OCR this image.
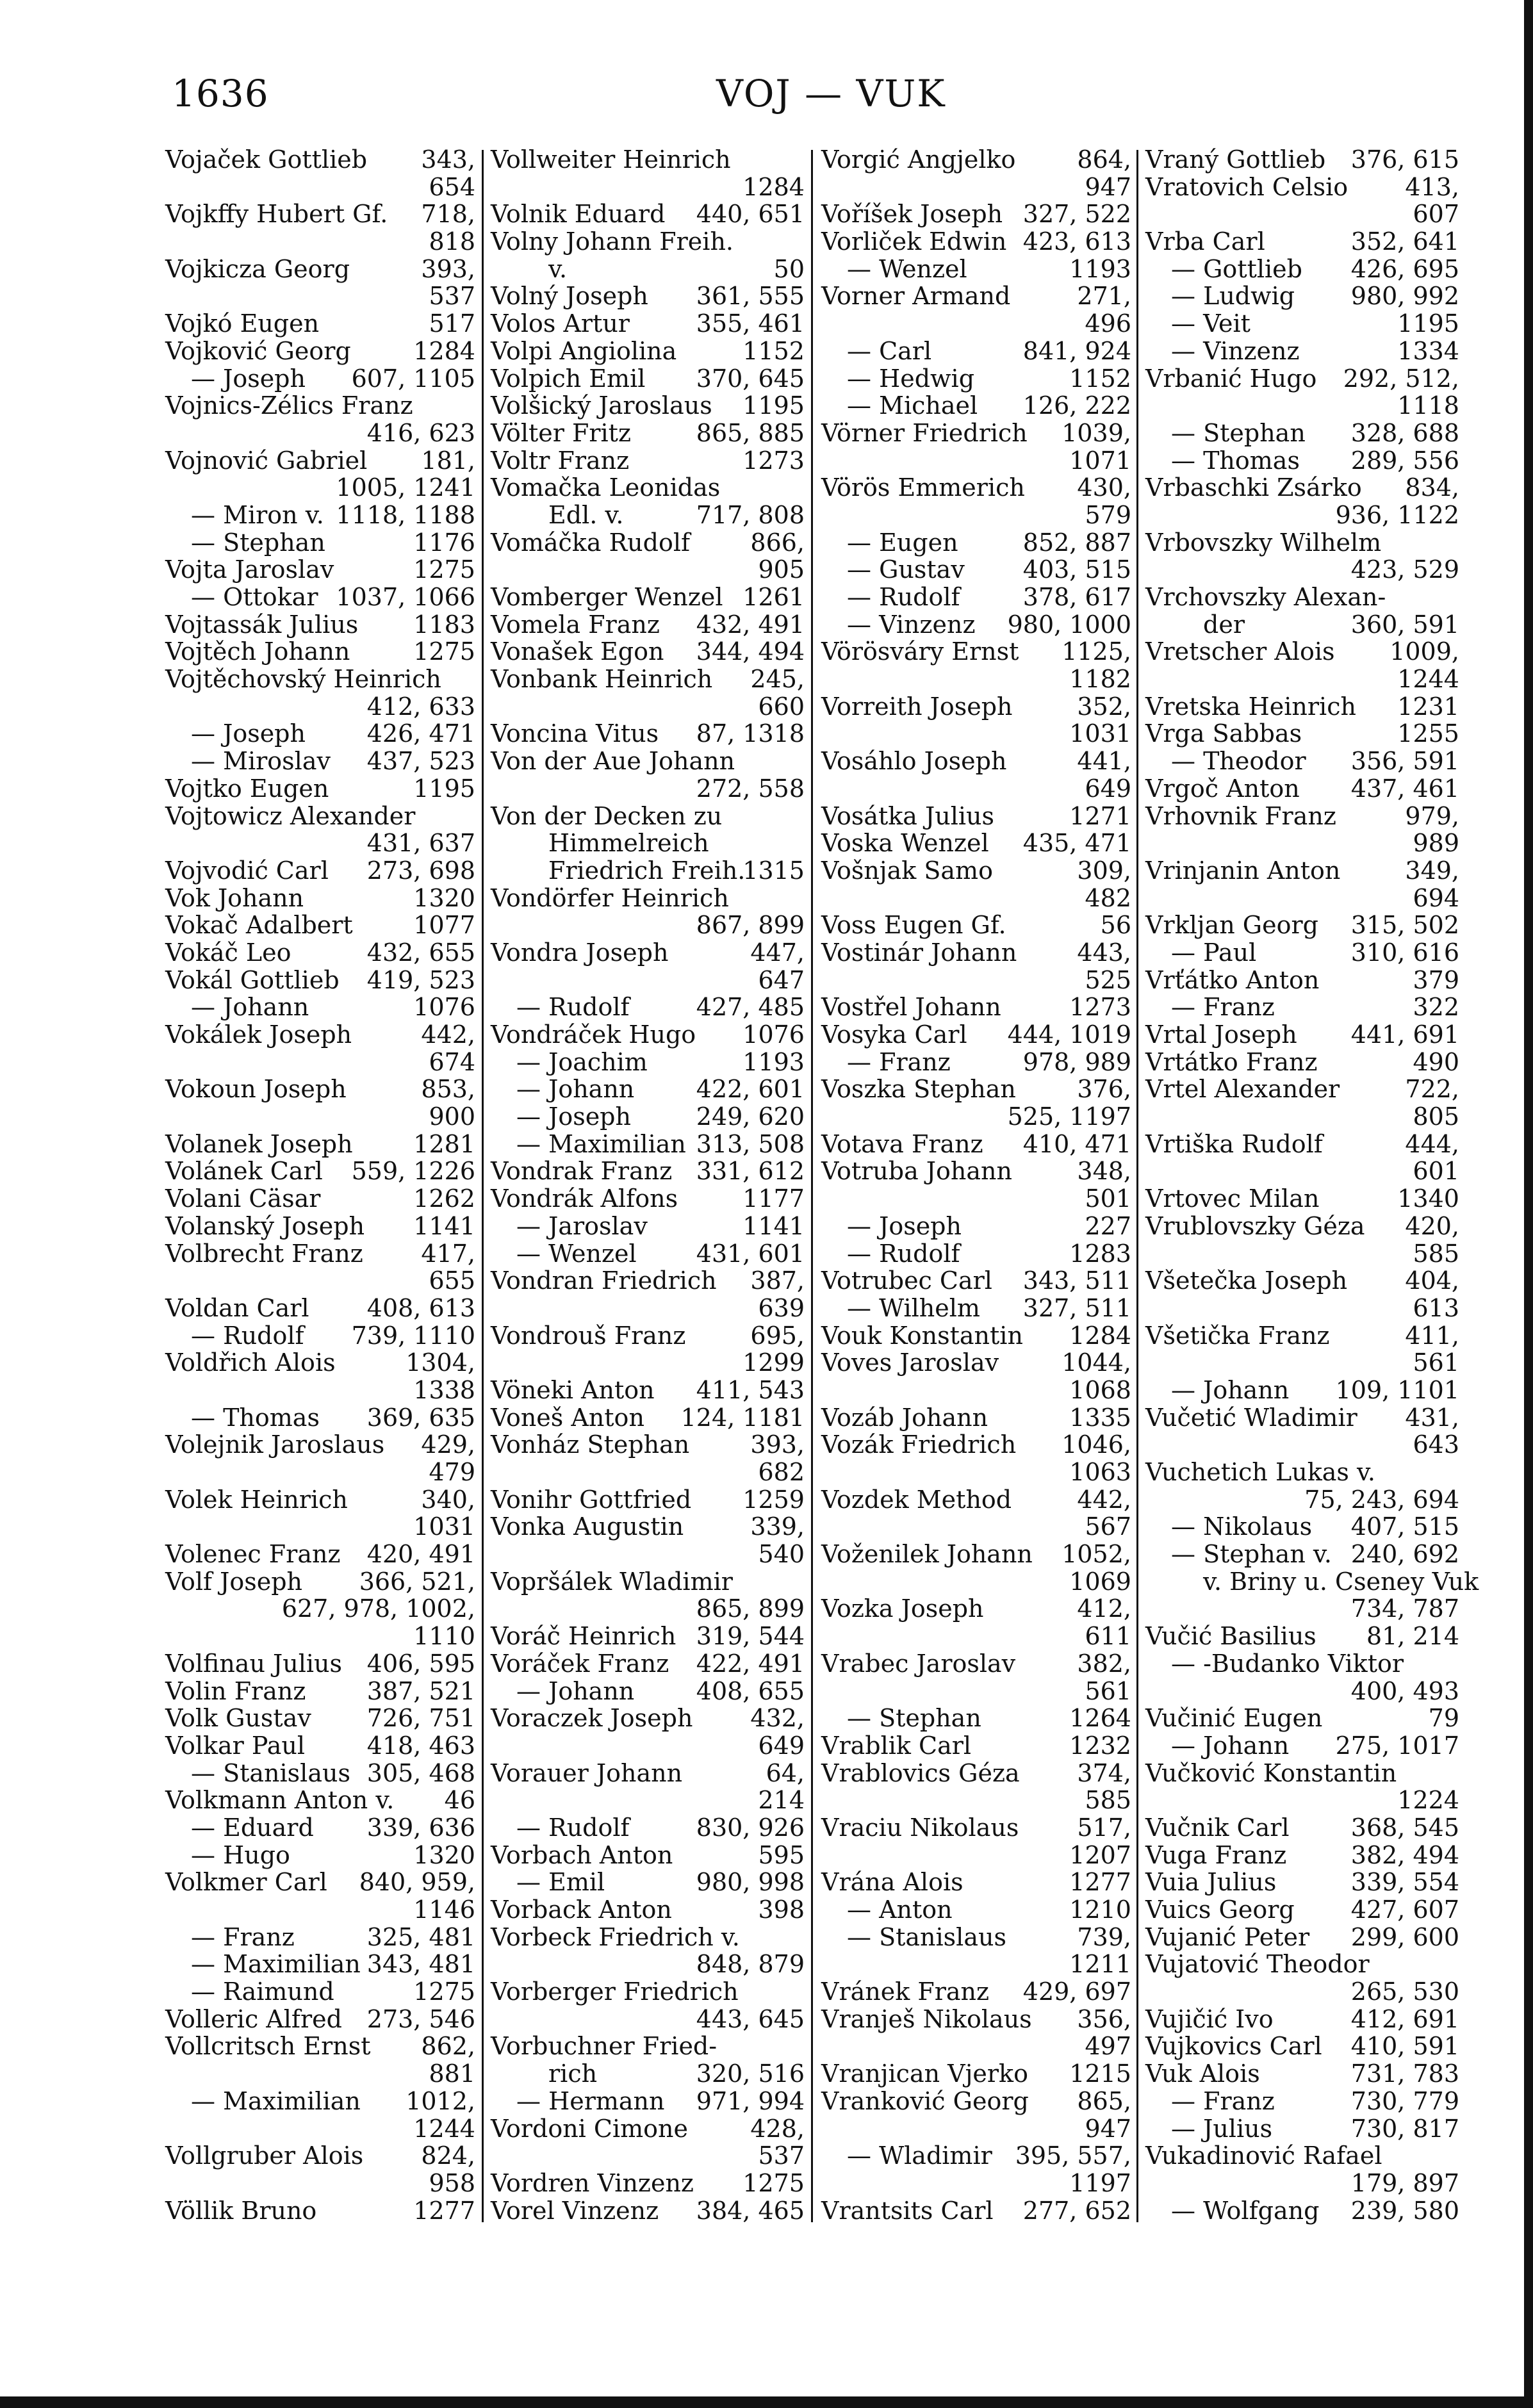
1636	VOJ — VUK
Vojaček Gottlieb 343,
654
Vojkffy Hubert Gf. 718,
818
Vojkicza Georg	393,
537
Vojkó Eugen	517
Vojković Georg	1284
— Joseph 607, 1105
Vojnics-Zélics Franz
416, 623
Vojnović Gabriel 181,
1005, 1241
— Miron v. 1118, 1188
— Stephan	1176
Vojta Jaroslav	1275
— Ottokar 1037, 1066
Vojtassák Julius 1183
Vojtěch Johann	1275
Vojtěchovský Heinrich
412, 633
— Joseph	426, 471
— Miroslav 437, 523
Vojtko Eugen	1195
Vojtowicz Alexander
431, 637
Vojvodić Carl 273, 698
Vok Johann	1320
Vokač Adalbert 1077
Vokáč Leo	432, 655
Vokál Gottlieb 419, 523
— Johann	1076
Vokálek Joseph	442,
674
Vokoun Joseph	853,
900
Volanek Joseph 1281
Volánek Carl 559, 1226
Volani Cäsar	1262
Volanský Joseph 1141
Volbrecht Franz 417,
655
Voldan Carl 408, 613
— Rudolf 739, 1110
Voldřich Alois	1304,
1338
— Thomas 369, 635
Volejnik Jaroslaus 429,
479
Volek Heinrich	340,
1031
Volenec Franz 420, 491
Volf Joseph 366, 521,
627, 978, 1002,
1110
Volfinau Julius 406, 595
Volin Franz	387, 521
Volk Gustav 726, 751
Volkar Paul	418, 463
— Stanislaus 305, 468
Volkmann Anton v. 46
— Eduard 339, 636
— Hugo	1320
Volkmer Carl 840, 959,
1146
— Franz	325, 481
— Maximilian 343, 481
— Raimund	1275
Volleric Alfred 273, 546
Vollcritsch Ernst 862,
881
— Maximilian 1012,
1244
Vollgruber Alois 824,
958
Völlik Bruno	1277
Vollweiter Heinrich
1284
Volnik Eduard 440, 651
Volny Johann Freih.
v.	50
Volný Joseph 361, 555
Volos Artur	355, 461
Volpi Angiolina	1152
Volpich Emil 370, 645
Volšický Jaroslaus 1195
Völter Fritz	865, 885
Voltr Franz	1273
Vomačka Leonidas
Edl. v.	717, 808
Vomáčka Rudolf 866,
905
Vomberger Wenzel 1261
Vomela Franz 432, 491
Vonašek Egon 344, 494
Vonbank Heinrich 245,
660
Voncina Vitus 87, 1318
Von der Aue Johann
272, 558
Von der Decken zu
Himmelreich
Friedrich Freih.
1315
Vondörfer Heinrich
867, 899
Vondra Joseph	447,
647
— Rudolf	427, 485
Vondráček Hugo 1076
— Joachim	1193
— Johann	422, 601
— Joseph	249, 620
— Maximilian 313, 508
Vondrak Franz 331, 612
Vondrák Alfons	1177
— Jaroslav	1141
— Wenzel 431, 601
Vondran Friedrich 387,
639
Vondrouš Franz	695,
1299
Vöneki Anton 411, 543
Voneš Anton 124, 1181
Vonház Stephan	393,
682
Vonihr Gottfried 1259
Vonka Augustin	339,
540
Vopršálek Wladimir
865, 899
Voráč Heinrich 319, 544
Voráček Franz 422, 491
— Johann	408, 655
Voraczek Joseph 432,
649
Vorauer Johann	64,
214
— Rudolf	830, 926
Vorbach Anton	595
— Emil	980, 998
Vorback Anton	398
Vorbeck Friedrich v.
848, 879
Vorberger Friedrich
443, 645
Vorbuchner Fried-
rich	320, 516
— Hermann 971, 994
Vordoni Cimone	428,
537
Vordren Vinzenz 1275
Vorel Vinzenz 384, 465
Vorgić Angjelko	864,
947
Voříšek Joseph 327, 522
Vorliček Edwin 423, 613
— Wenzel	1193
Vorner Armand	271,
496
— Carl	841, 924
— Hedwig	1152
— Michael 126, 222
Vörner Friedrich 1039,
1071
Vörös Emmerich 430,
579
— Eugen	852, 887
— Gustav 403, 515
— Rudolf	378, 617
— Vinzenz 980, 1000
Vörösváry Ernst 1125,
1182
Vorreith Joseph	352,
1031
Vosáhlo Joseph	441,
649
Vosátka Julius	1271
Voska Wenzel 435, 471
Vošnjak Samo	309,
482
Voss Eugen Gf.	56
Vostinár Johann 443,
525
Vostřel Johann	1273
Vosyka Carl 444, 1019
— Franz	978, 989
Voszka Stephan	376,
525, 1197
Votava Franz 410, 471
Votruba Johann	348,
501
— Joseph	227
— Rudolf	1283
Votrubec Carl 343, 511
— Wilhelm 327, 511
Vouk Konstantin 1284
Voves Jaroslav	1044,
1068
Vozáb Johann	1335
Vozák Friedrich 1046,
1063
Vozdek Method	442,
567
Voženilek Johann 1052,
1069
Vozka Joseph	412,
611
Vrabec Jaroslav	382,
561
— Stephan	1264
Vrablik Carl	1232
Vrablovics Géza 374,
585
Vraciu Nikolaus 517,
1207
Vrána Alois	1277
— Anton	1210
— Stanislaus	739,
1211
Vránek Franz 429, 697
Vranješ Nikolaus 356,
497
Vranjican Vjerko 1215
Vranković Georg 865,
947
— Wladimir 395, 557,
1197
Vrantsits Carl 277, 652
Vraný Gottlieb 376, 615
Vratovich Celsio 413,
607
Vrba Carl	352, 641
— Gottlieb 426, 695
— Ludwig 980, 992
— Veit	1195
— Vinzenz	1334
Vrbanić Hugo 292, 512,
1118
— Stephan 328, 688
— Thomas 289, 556
Vrbaschki Zsárko 834,
936, 1122
Vrbovszky Wilhelm
423, 529
Vrchovszky Alexan-
der	360, 591
Vretscher Alois 1009,
1244
Vretska Heinrich 1231
Vrga Sabbas	1255
— Theodor 356, 591
Vrgoč Anton 437, 461
Vrhovnik Franz	979,
989
Vrinjanin Anton	349,
694
Vrkljan Georg 315, 502
— Paul	310, 616
Vrťátko Anton	379
— Franz	322
Vrtal Joseph 441, 691
Vrtátko Franz	490
Vrtel Alexander	722,
805
Vrtiška Rudolf	444,
601
Vrtovec Milan	1340
Vrublovszky Géza 420,
585
Všetečka Joseph 404,
613
Všetička Franz	411,
561
— Johann 109, 1101
Vučetić Wladimir 431,
643
Vuchetich Lukas v.
75, 243, 694
— Nikolaus 407, 515
— Stephan v. 240, 692
v. Briny u. Cseney Vuk
734, 787
Vučić Basilius 81, 214
— -Budanko Viktor
400, 493
Vučinić Eugen	79
— Johann 275, 1017
Vučković Konstantin
1224
Vučnik Carl	368, 545
Vuga Franz	382, 494
Vuia Julius	339, 554
Vuics Georg 427, 607
Vujanić Peter 299, 600
Vujatović Theodor
265, 530
Vujičić Ivo	412, 691
Vujkovics Carl 410, 591
Vuk Alois	731, 783
— Franz	730, 779
— Julius	730, 817
Vukadinović Rafael
179, 897
— Wolfgang 239, 580
